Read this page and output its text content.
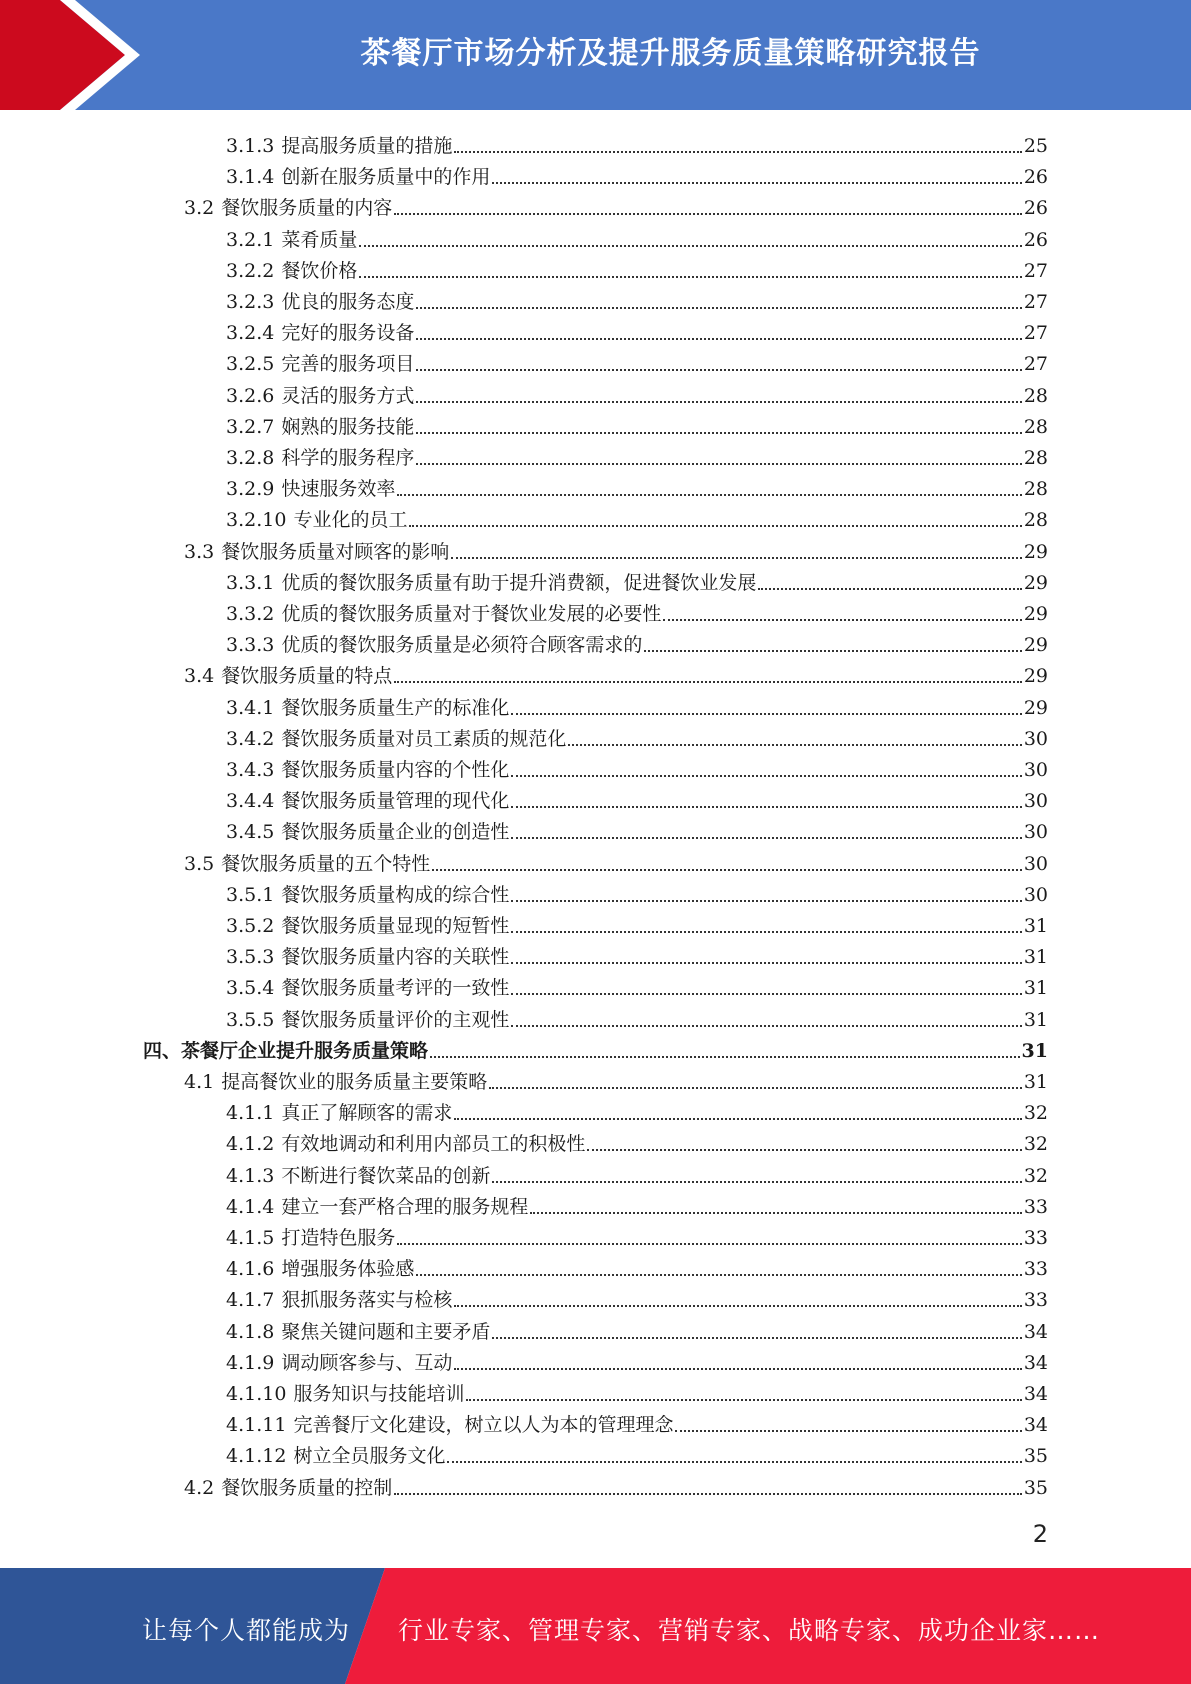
茶餐厅市场分析及提升服务质量策略研究报告
3.1.3 提高服务质量的措施	25
3.1.4 创新在服务质量中的作用	26
3.2 餐饮服务质量的内容	26
3.2.1 菜肴质量	26
3.2.2 餐饮价格	27
3.2.3 优良的服务态度	27
3.2.4 完好的服务设备	27
3.2.5 完善的服务项目	27
3.2.6 灵活的服务方式	28
3.2.7 娴熟的服务技能	28
3.2.8 科学的服务程序	28
3.2.9 快速服务效率	28
3.2.10 专业化的员工	28
3.3 餐饮服务质量对顾客的影响	29
3.3.1 优质的餐饮服务质量有助于提升消费额，促进餐饮业发展	29
3.3.2 优质的餐饮服务质量对于餐饮业发展的必要性	29
3.3.3 优质的餐饮服务质量是必须符合顾客需求的	29
3.4 餐饮服务质量的特点	29
3.4.1 餐饮服务质量生产的标准化	29
3.4.2 餐饮服务质量对员工素质的规范化	30
3.4.3 餐饮服务质量内容的个性化	30
3.4.4 餐饮服务质量管理的现代化	30
3.4.5 餐饮服务质量企业的创造性	30
3.5 餐饮服务质量的五个特性	30
3.5.1 餐饮服务质量构成的综合性	30
3.5.2 餐饮服务质量显现的短暂性	31
3.5.3 餐饮服务质量内容的关联性	31
3.5.4 餐饮服务质量考评的一致性	31
3.5.5 餐饮服务质量评价的主观性	31
四、茶餐厅企业提升服务质量策略	31
4.1 提高餐饮业的服务质量主要策略	31
4.1.1 真正了解顾客的需求	32
4.1.2 有效地调动和利用内部员工的积极性	32
4.1.3 不断进行餐饮菜品的创新	32
4.1.4 建立一套严格合理的服务规程	33
4.1.5 打造特色服务	33
4.1.6 增强服务体验感	33
4.1.7 狠抓服务落实与检核	33
4.1.8 聚焦关键问题和主要矛盾	34
4.1.9 调动顾客参与、互动	34
4.1.10 服务知识与技能培训	34
4.1.11 完善餐厅文化建设，树立以人为本的管理理念	34
4.1.12 树立全员服务文化	35
4.2 餐饮服务质量的控制	35
2
让每个人都能成为 行业专家、管理专家、营销专家、战略专家、成功企业家……
